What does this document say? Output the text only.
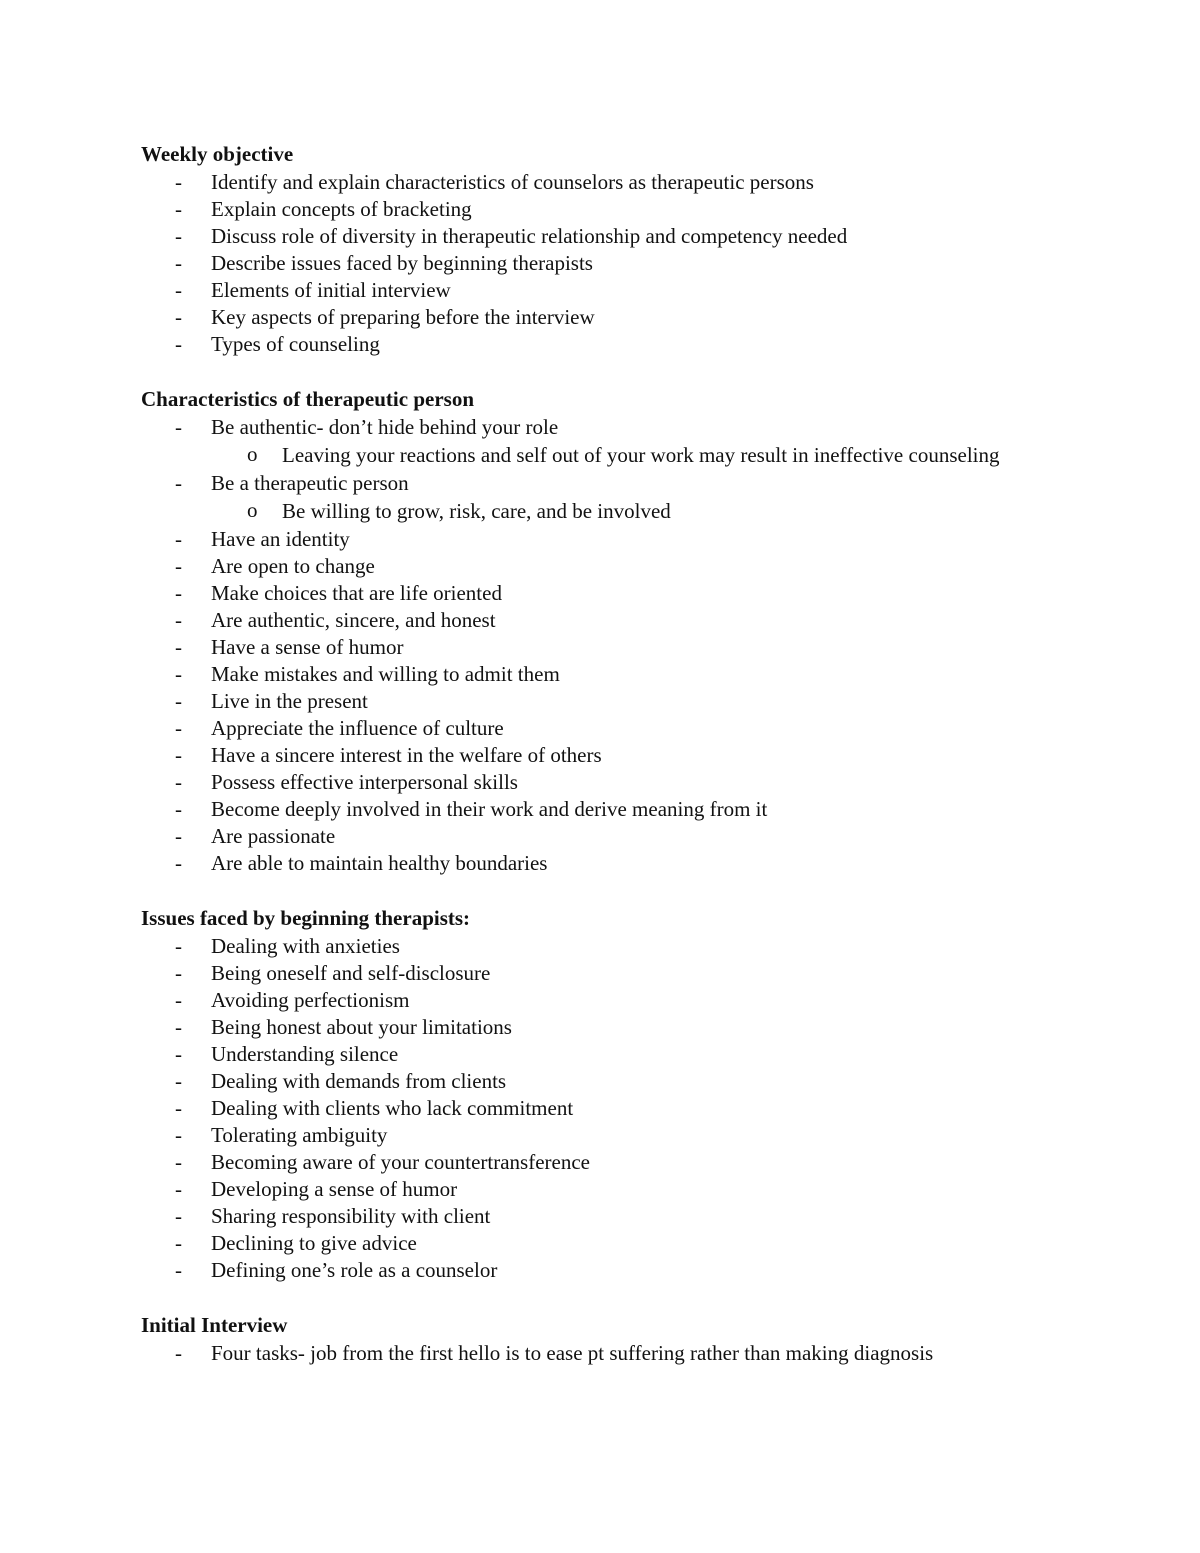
Weekly objective
- Identify and explain characteristics of counselors as therapeutic persons
- Explain concepts of bracketing
- Discuss role of diversity in therapeutic relationship and competency needed
- Describe issues faced by beginning therapists
- Elements of initial interview
- Key aspects of preparing before the interview
- Types of counseling
Characteristics of therapeutic person
- Be authentic- don’t hide behind your role
o Leaving your reactions and self out of your work may result in ineffective counseling
- Be a therapeutic person
o Be willing to grow, risk, care, and be involved
- Have an identity
- Are open to change
- Make choices that are life oriented
- Are authentic, sincere, and honest
- Have a sense of humor
- Make mistakes and willing to admit them
- Live in the present
- Appreciate the influence of culture
- Have a sincere interest in the welfare of others
- Possess effective interpersonal skills
- Become deeply involved in their work and derive meaning from it
- Are passionate
- Are able to maintain healthy boundaries
Issues faced by beginning therapists:
- Dealing with anxieties
- Being oneself and self-disclosure
- Avoiding perfectionism
- Being honest about your limitations
- Understanding silence
- Dealing with demands from clients
- Dealing with clients who lack commitment
- Tolerating ambiguity
- Becoming aware of your countertransference
- Developing a sense of humor
- Sharing responsibility with client
- Declining to give advice
- Defining one’s role as a counselor
Initial Interview
- Four tasks- job from the first hello is to ease pt suffering rather than making diagnosis
